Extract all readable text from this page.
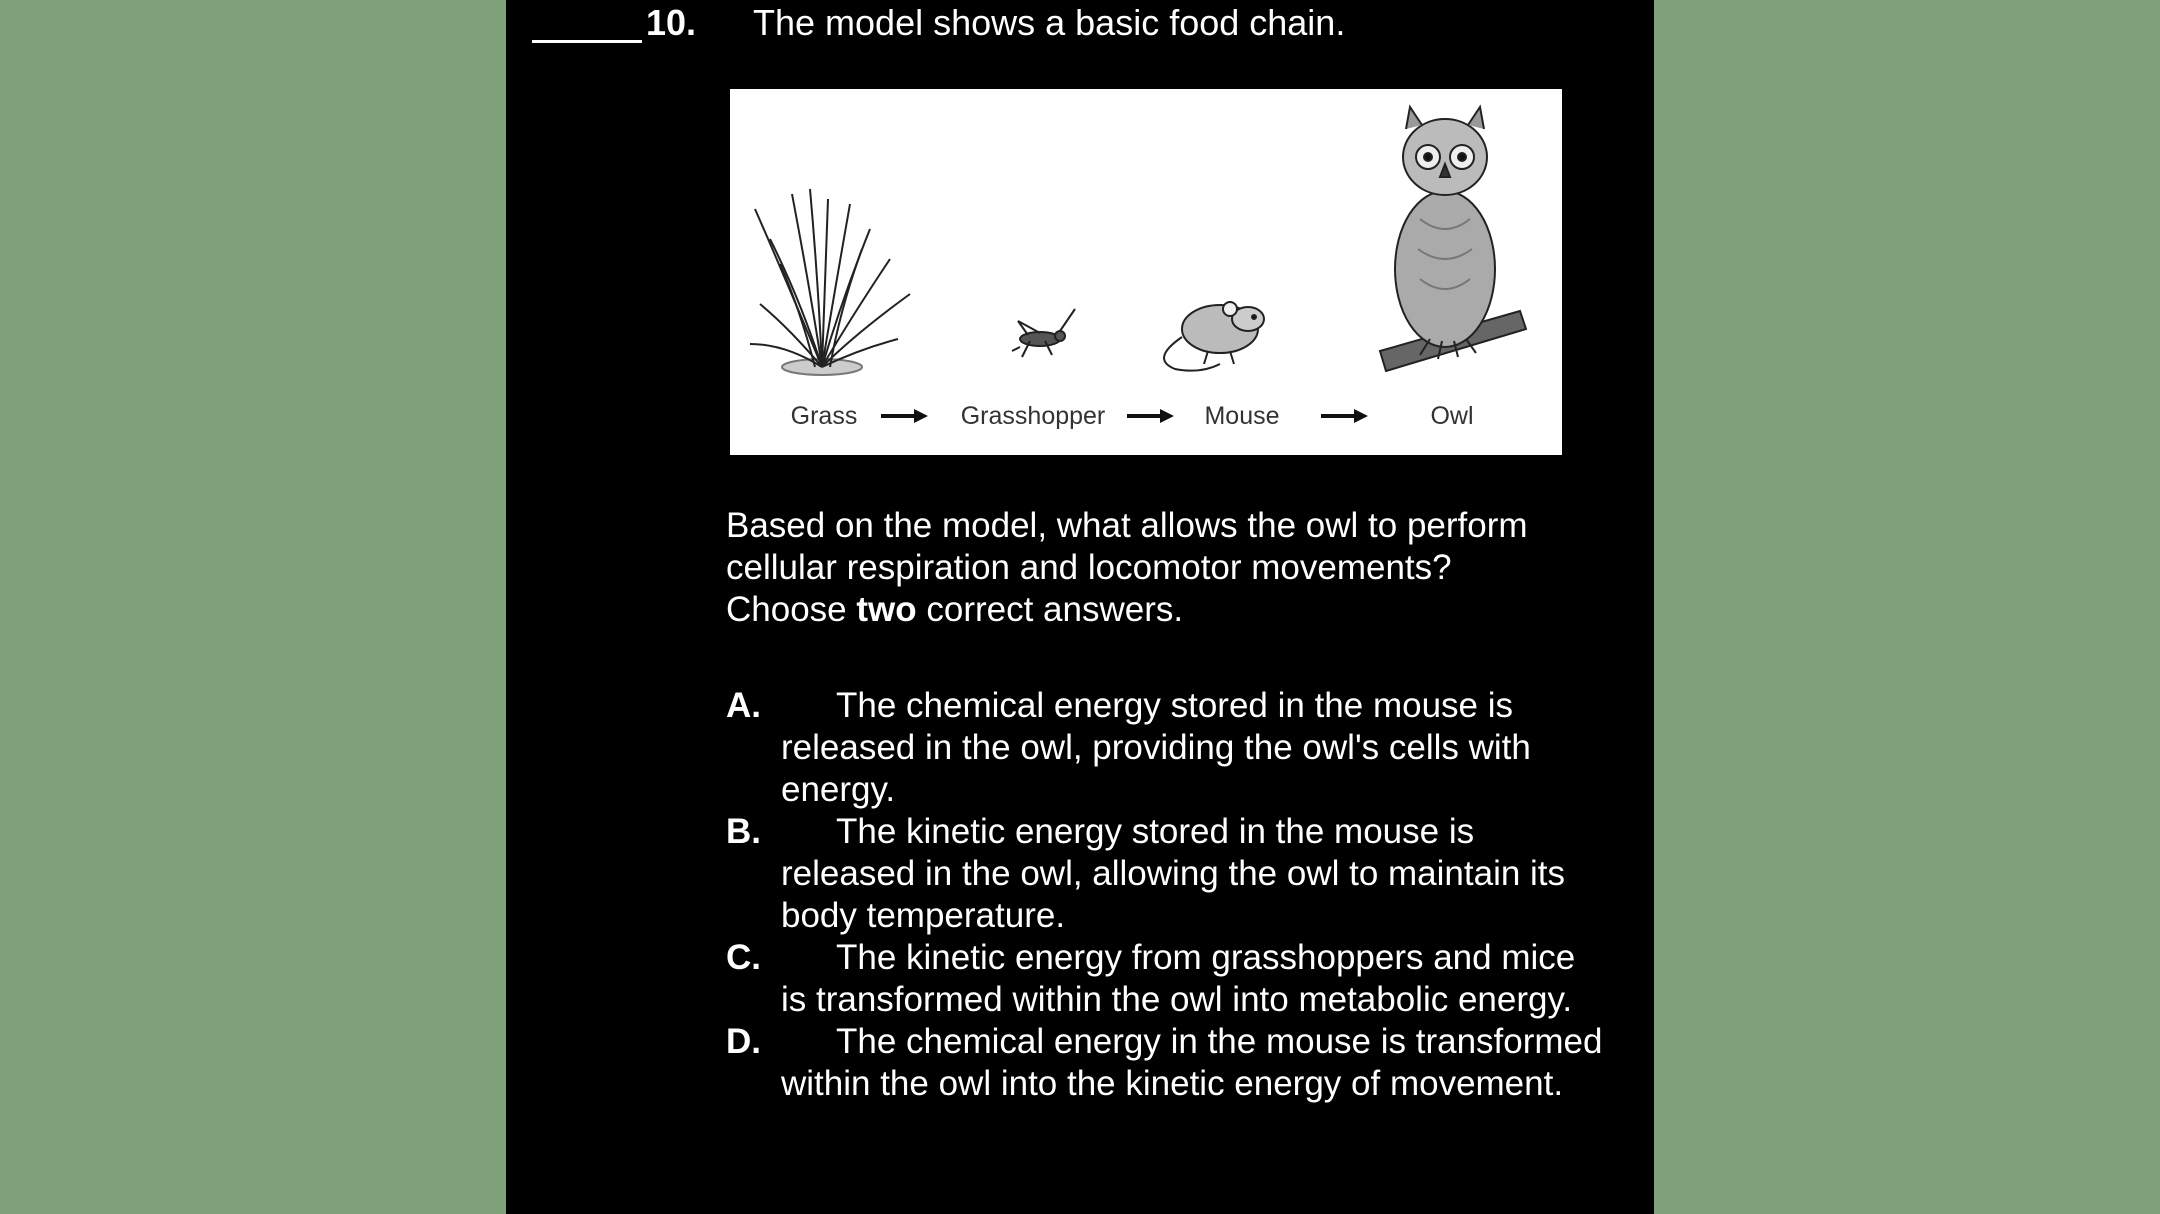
10. The model shows a basic food chain.
Grass	Grasshopper	Mouse	Owl
Based on the model, what allows the owl to perform cellular respiration and locomotor movements? Choose two correct answers.
A.	The chemical energy stored in the mouse is released in the owl, providing the owl's cells with energy.
B.	The kinetic energy stored in the mouse is released in the owl, allowing the owl to maintain its body temperature.
C.	The kinetic energy from grasshoppers and mice is transformed within the owl into metabolic energy.
D.	The chemical energy in the mouse is transformed within the owl into the kinetic energy of movement.
